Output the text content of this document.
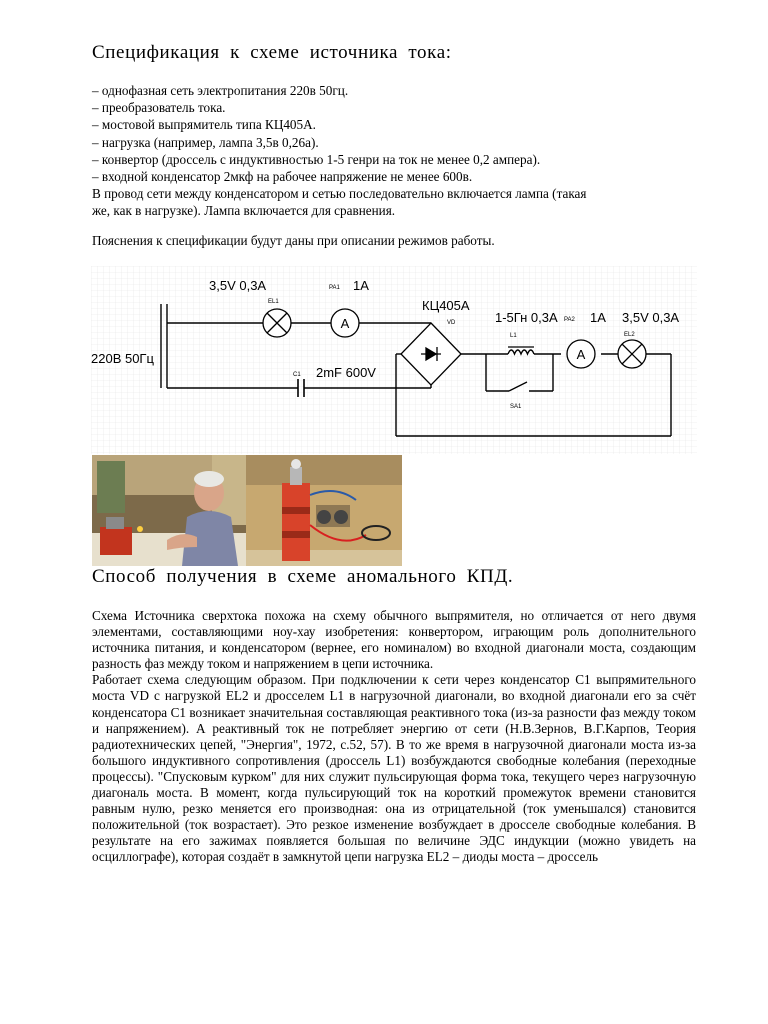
Спецификация к схеме источника тока:
– однофазная сеть электропитания 220в 50гц.
– преобразователь тока.
– мостовой выпрямитель типа КЦ405А.
– нагрузка (например, лампа 3,5в 0,26а).
– конвертор (дроссель с индуктивностью 1-5 генри на ток не менее 0,2 ампера).
– входной конденсатор 2мкф на рабочее напряжение не менее 600в.
В провод сети между конденсатором и сетью последовательно включается лампа (такая
же, как в нагрузке). Лампа включается для сравнения.
Пояснения к спецификации будут даны при описании режимов работы.
A
A
220В 50Гц
3,5V 0,3A
EL1
PA1 1A
КЦ405А
VD
C1 2mF 600V
1-5Гн 0,3А
L1
PA2 1A 3,5V 0,3A
EL2
SA1
Способ получения в схеме аномального КПД.

Схема Источника сверхтока похожа на схему обычного выпрямителя, но отличается от него двумя элементами, составляющими ноу-хау изобретения: конвертором, играющим роль дополнительного источника питания, и конденсатором (вернее, его номиналом) во входной диагонали моста, создающим разность фаз между током и напряжением в цепи источника.

Работает схема следующим образом. При подключении к сети через конденсатор С1 выпрямительного моста VD с нагрузкой EL2 и дросселем L1 в нагрузочной диагонали, во входной диагонали его за счёт конденсатора С1 возникает значительная составляющая реактивного тока (из-за разности фаз между током и напряжением). А реактивный ток не потребляет энергию от сети (Н.В.Зернов, В.Г.Карпов, Теория радиотехнических цепей, "Энергия", 1972, с.52, 57). В то же время в нагрузочной диагонали моста из-за большого индуктивного сопротивления (дроссель L1) возбуждаются свободные колебания (переходные процессы). "Спусковым курком" для них служит пульсирующая форма тока, текущего через нагрузочную диагональ моста. В момент, когда пульсирующий ток на короткий промежуток времени становится равным нулю, резко меняется его производная: она из отрицательной (ток уменьшался) становится положительной (ток возрастает). Это резкое изменение возбуждает в дросселе свободные колебания. В результате на его зажимах появляется большая по величине ЭДС индукции (можно увидеть на осциллографе), которая создаёт в замкнутой цепи нагрузка EL2 – диоды моста – дроссель
